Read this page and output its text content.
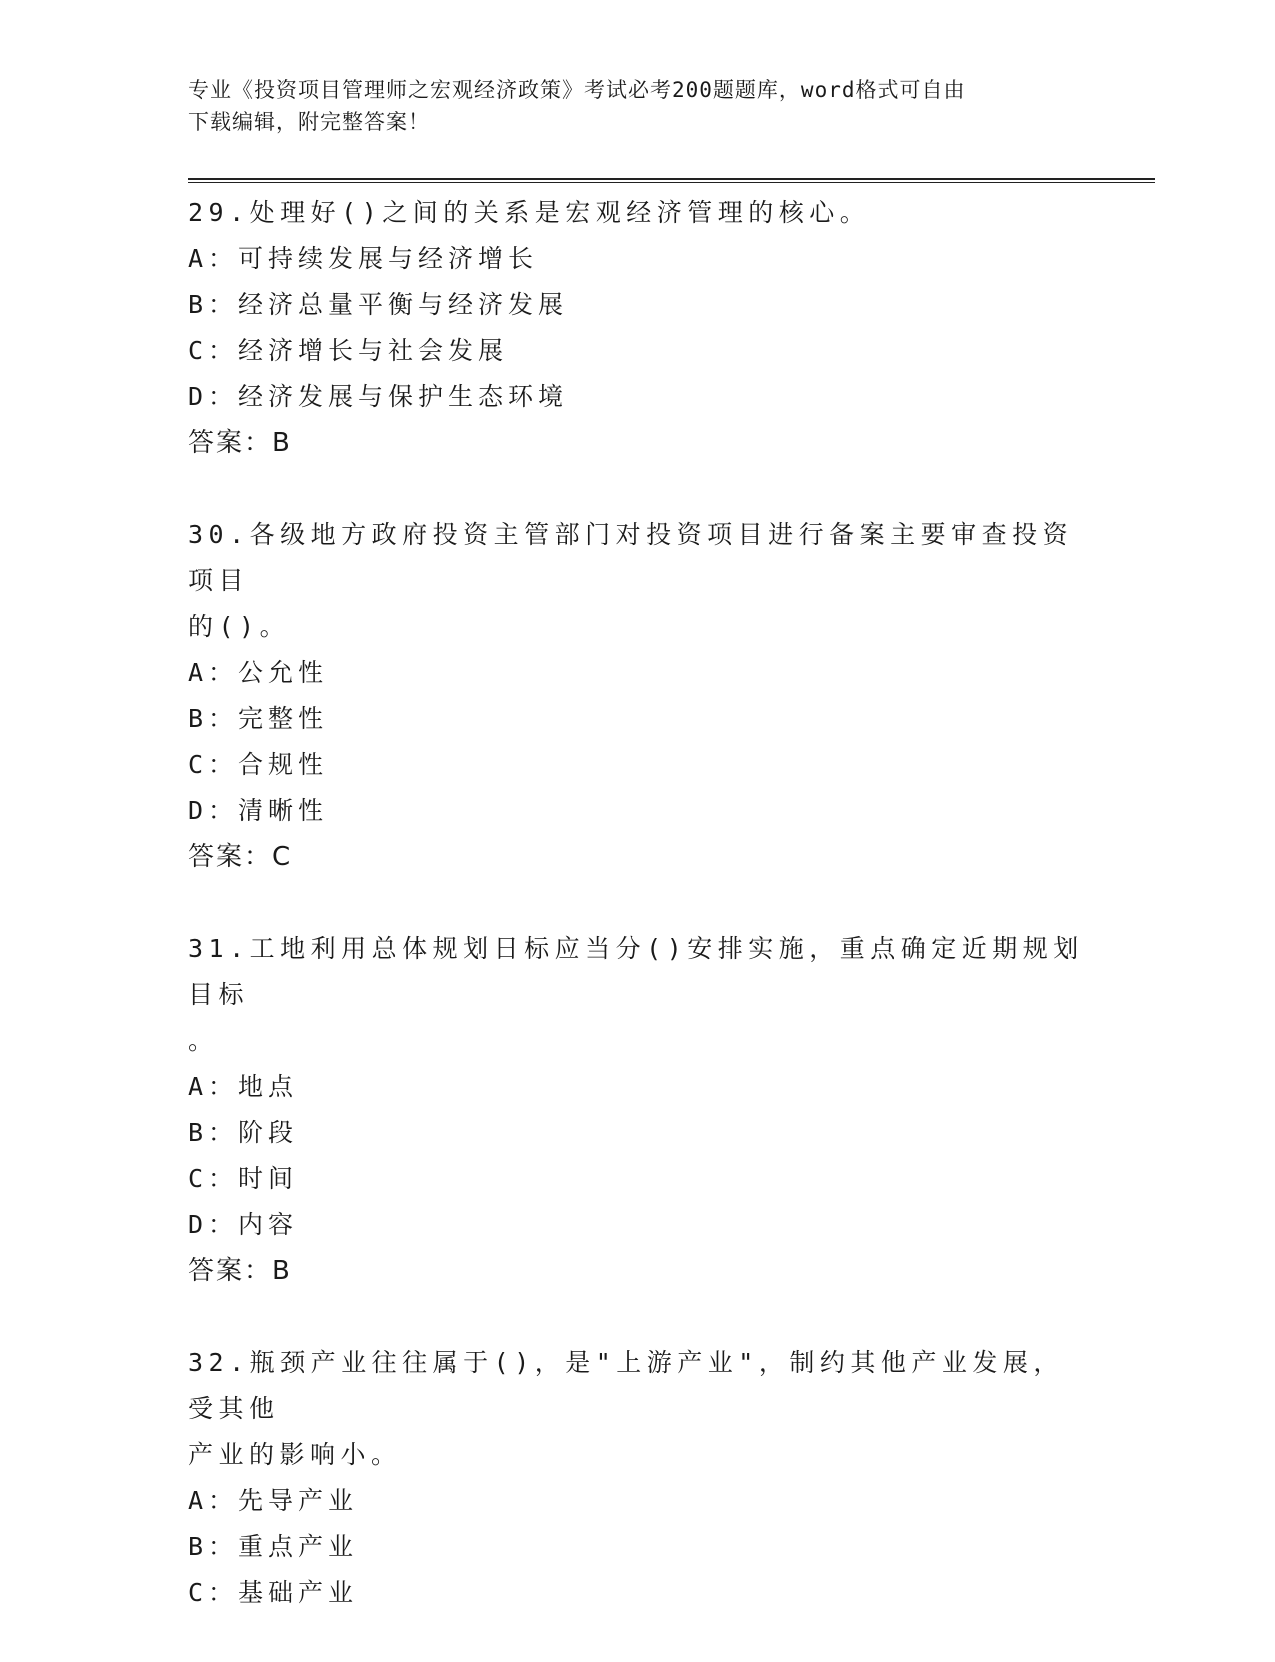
专业《投资项目管理师之宏观经济政策》考试必考200题题库，word格式可自由
下载编辑，附完整答案！
29.处理好()之间的关系是宏观经济管理的核心。
A：可持续发展与经济增长
B：经济总量平衡与经济发展
C：经济增长与社会发展
D：经济发展与保护生态环境
答案：B
30.各级地方政府投资主管部门对投资项目进行备案主要审查投资项目
的()。
A：公允性
B：完整性
C：合规性
D：清晰性
答案：C
31.工地利用总体规划日标应当分()安排实施，重点确定近期规划目标
。
A：地点
B：阶段
C：时间
D：内容
答案：B
32.瓶颈产业往往属于()，是"上游产业"，制约其他产业发展，受其他
产业的影响小。
A：先导产业
B：重点产业
C：基础产业
